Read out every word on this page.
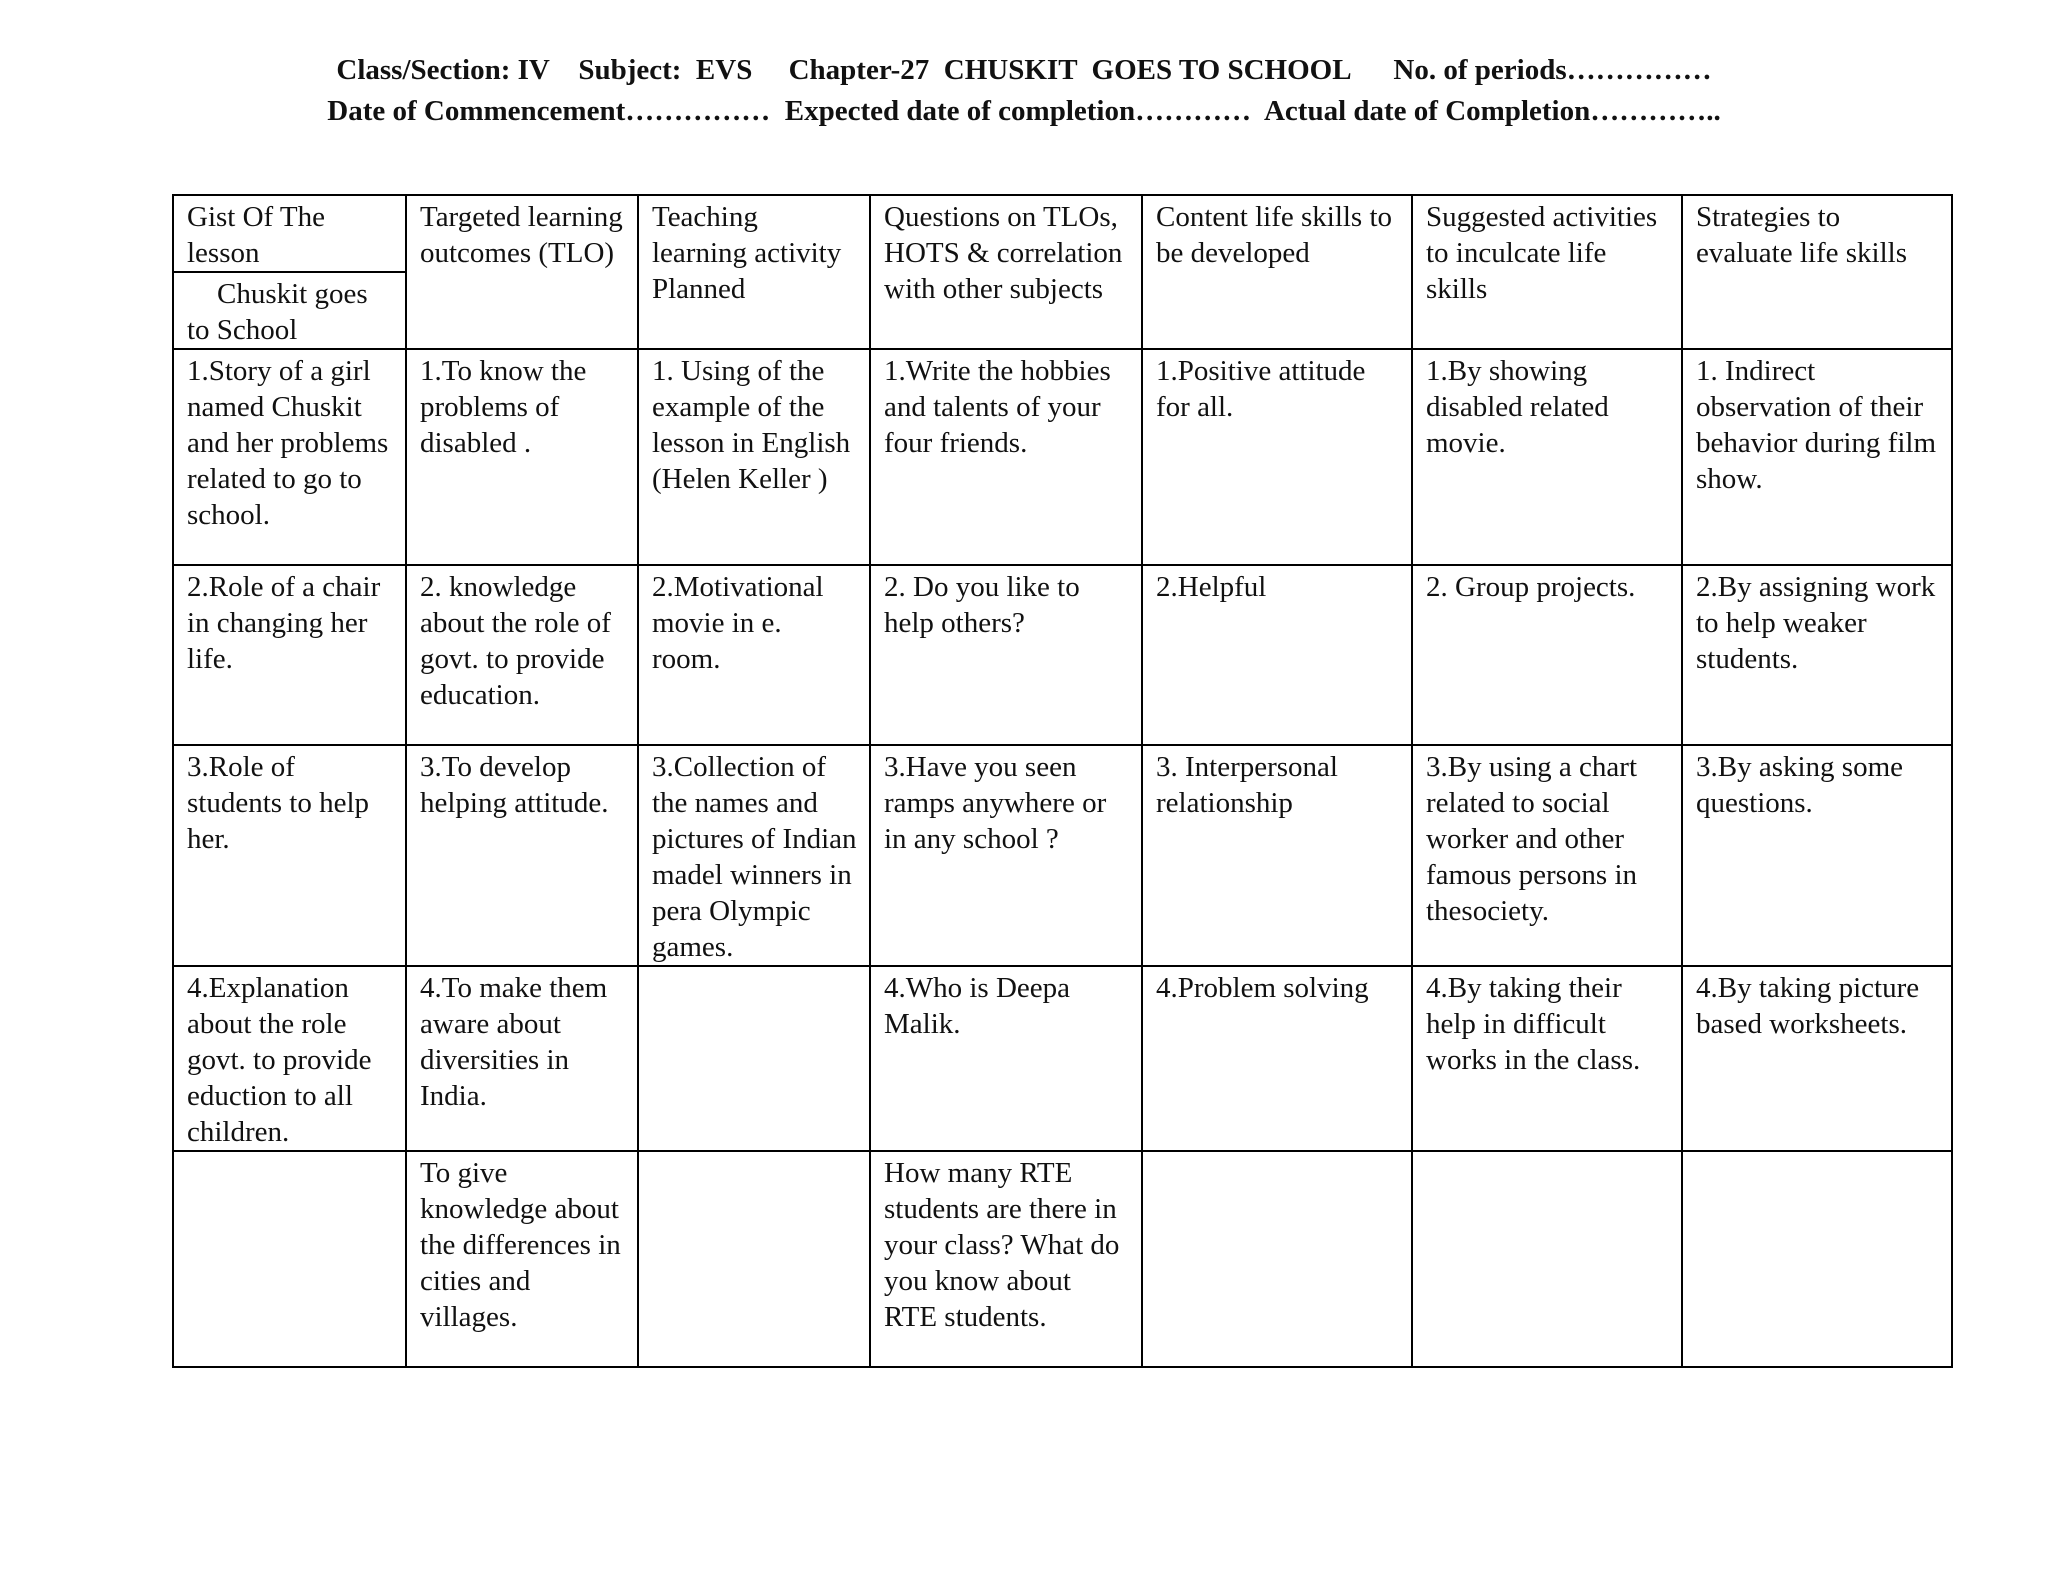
Class/Section: IV    Subject:  EVS     Chapter-27  CHUSKIT  GOES TO SCHOOL      No. of periods……………
Date of Commencement……………  Expected date of completion…………  Actual date of Completion…………..
Gist Of The lesson	Targeted learning outcomes (TLO)	Teaching learning activity Planned	Questions on TLOs, HOTS & correlation with other subjects	Content life skills to be developed	Suggested activities to inculcate life skills	Strategies to evaluate life skills
Chuskit goes to School						
1.Story of a girl named Chuskit and her problems related to go to school.	1.To know the problems of disabled .	1. Using of the example of the lesson in English (Helen Keller )	1.Write the hobbies and talents of your four friends.	1.Positive attitude for all.	1.By showing disabled related movie.	1. Indirect observation of their behavior during film show.
2.Role of a chair in changing her life.	2. knowledge about the role of govt. to provide education.	2.Motivational movie in e. room.	2. Do you like to help others?	2.Helpful	2. Group projects.	2.By assigning work to help weaker students.
3.Role of students to help her.	3.To develop helping attitude.	3.Collection of the names and pictures of Indian madel winners in pera Olympic games.	3.Have you seen ramps anywhere or in any school ?	3. Interpersonal relationship	3.By using a chart related to social worker and other famous persons in thesociety.	3.By asking some questions.
4.Explanation about the role govt. to provide eduction to all children.	4.To make them aware about diversities in India.		4.Who is Deepa Malik.	4.Problem solving	4.By taking their help in difficult works in the class.	4.By taking picture based worksheets.
	To give knowledge about the differences in cities and villages.		How many RTE students are there in your class? What do you know about RTE students.			
